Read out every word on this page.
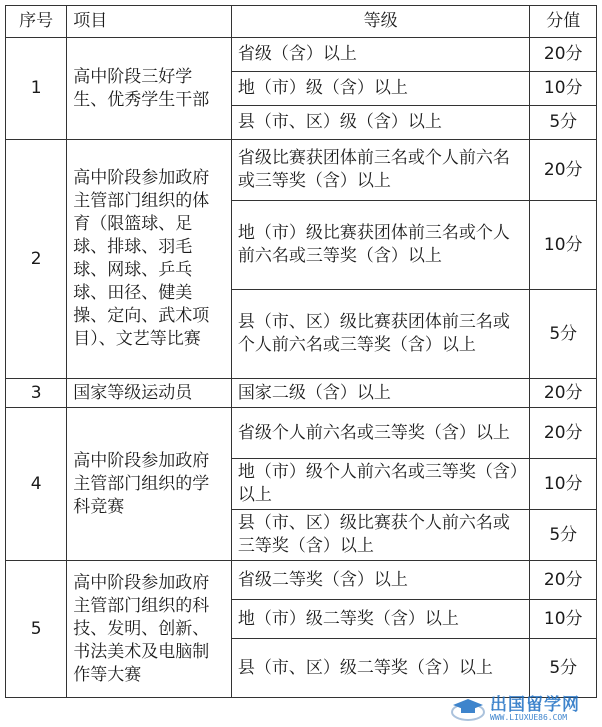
序号	项目	等级	分值
1	高中阶段三好学生、优秀学生干部	省级（含）以上	20分
		地（市）级（含）以上	10分
		县（市、区）级（含）以上	5分
2	高中阶段参加政府主管部门组织的体育（限篮球、足球、排球、羽毛球、网球、乒乓球、田径、健美操、定向、武术项目）、文艺等比赛	省级比赛获团体前三名或个人前六名或三等奖（含）以上	20分
		地（市）级比赛获团体前三名或个人前六名或三等奖（含）以上	10分
		县（市、区）级比赛获团体前三名或个人前六名或三等奖（含）以上	5分
3	国家等级运动员	国家二级（含）以上	20分
4	高中阶段参加政府主管部门组织的学科竞赛	省级个人前六名或三等奖（含）以上	20分
		地（市）级个人前六名或三等奖（含）以上	10分
		县（市、区）级比赛获个人前六名或三等奖（含）以上	5分
5	高中阶段参加政府主管部门组织的科技、发明、创新、书法美术及电脑制作等大赛	省级二等奖（含）以上	20分
		地（市）级二等奖（含）以上	10分
		县（市、区）级二等奖（含）以上	5分
出国留学网
WWW.LIUXUE86.COM
